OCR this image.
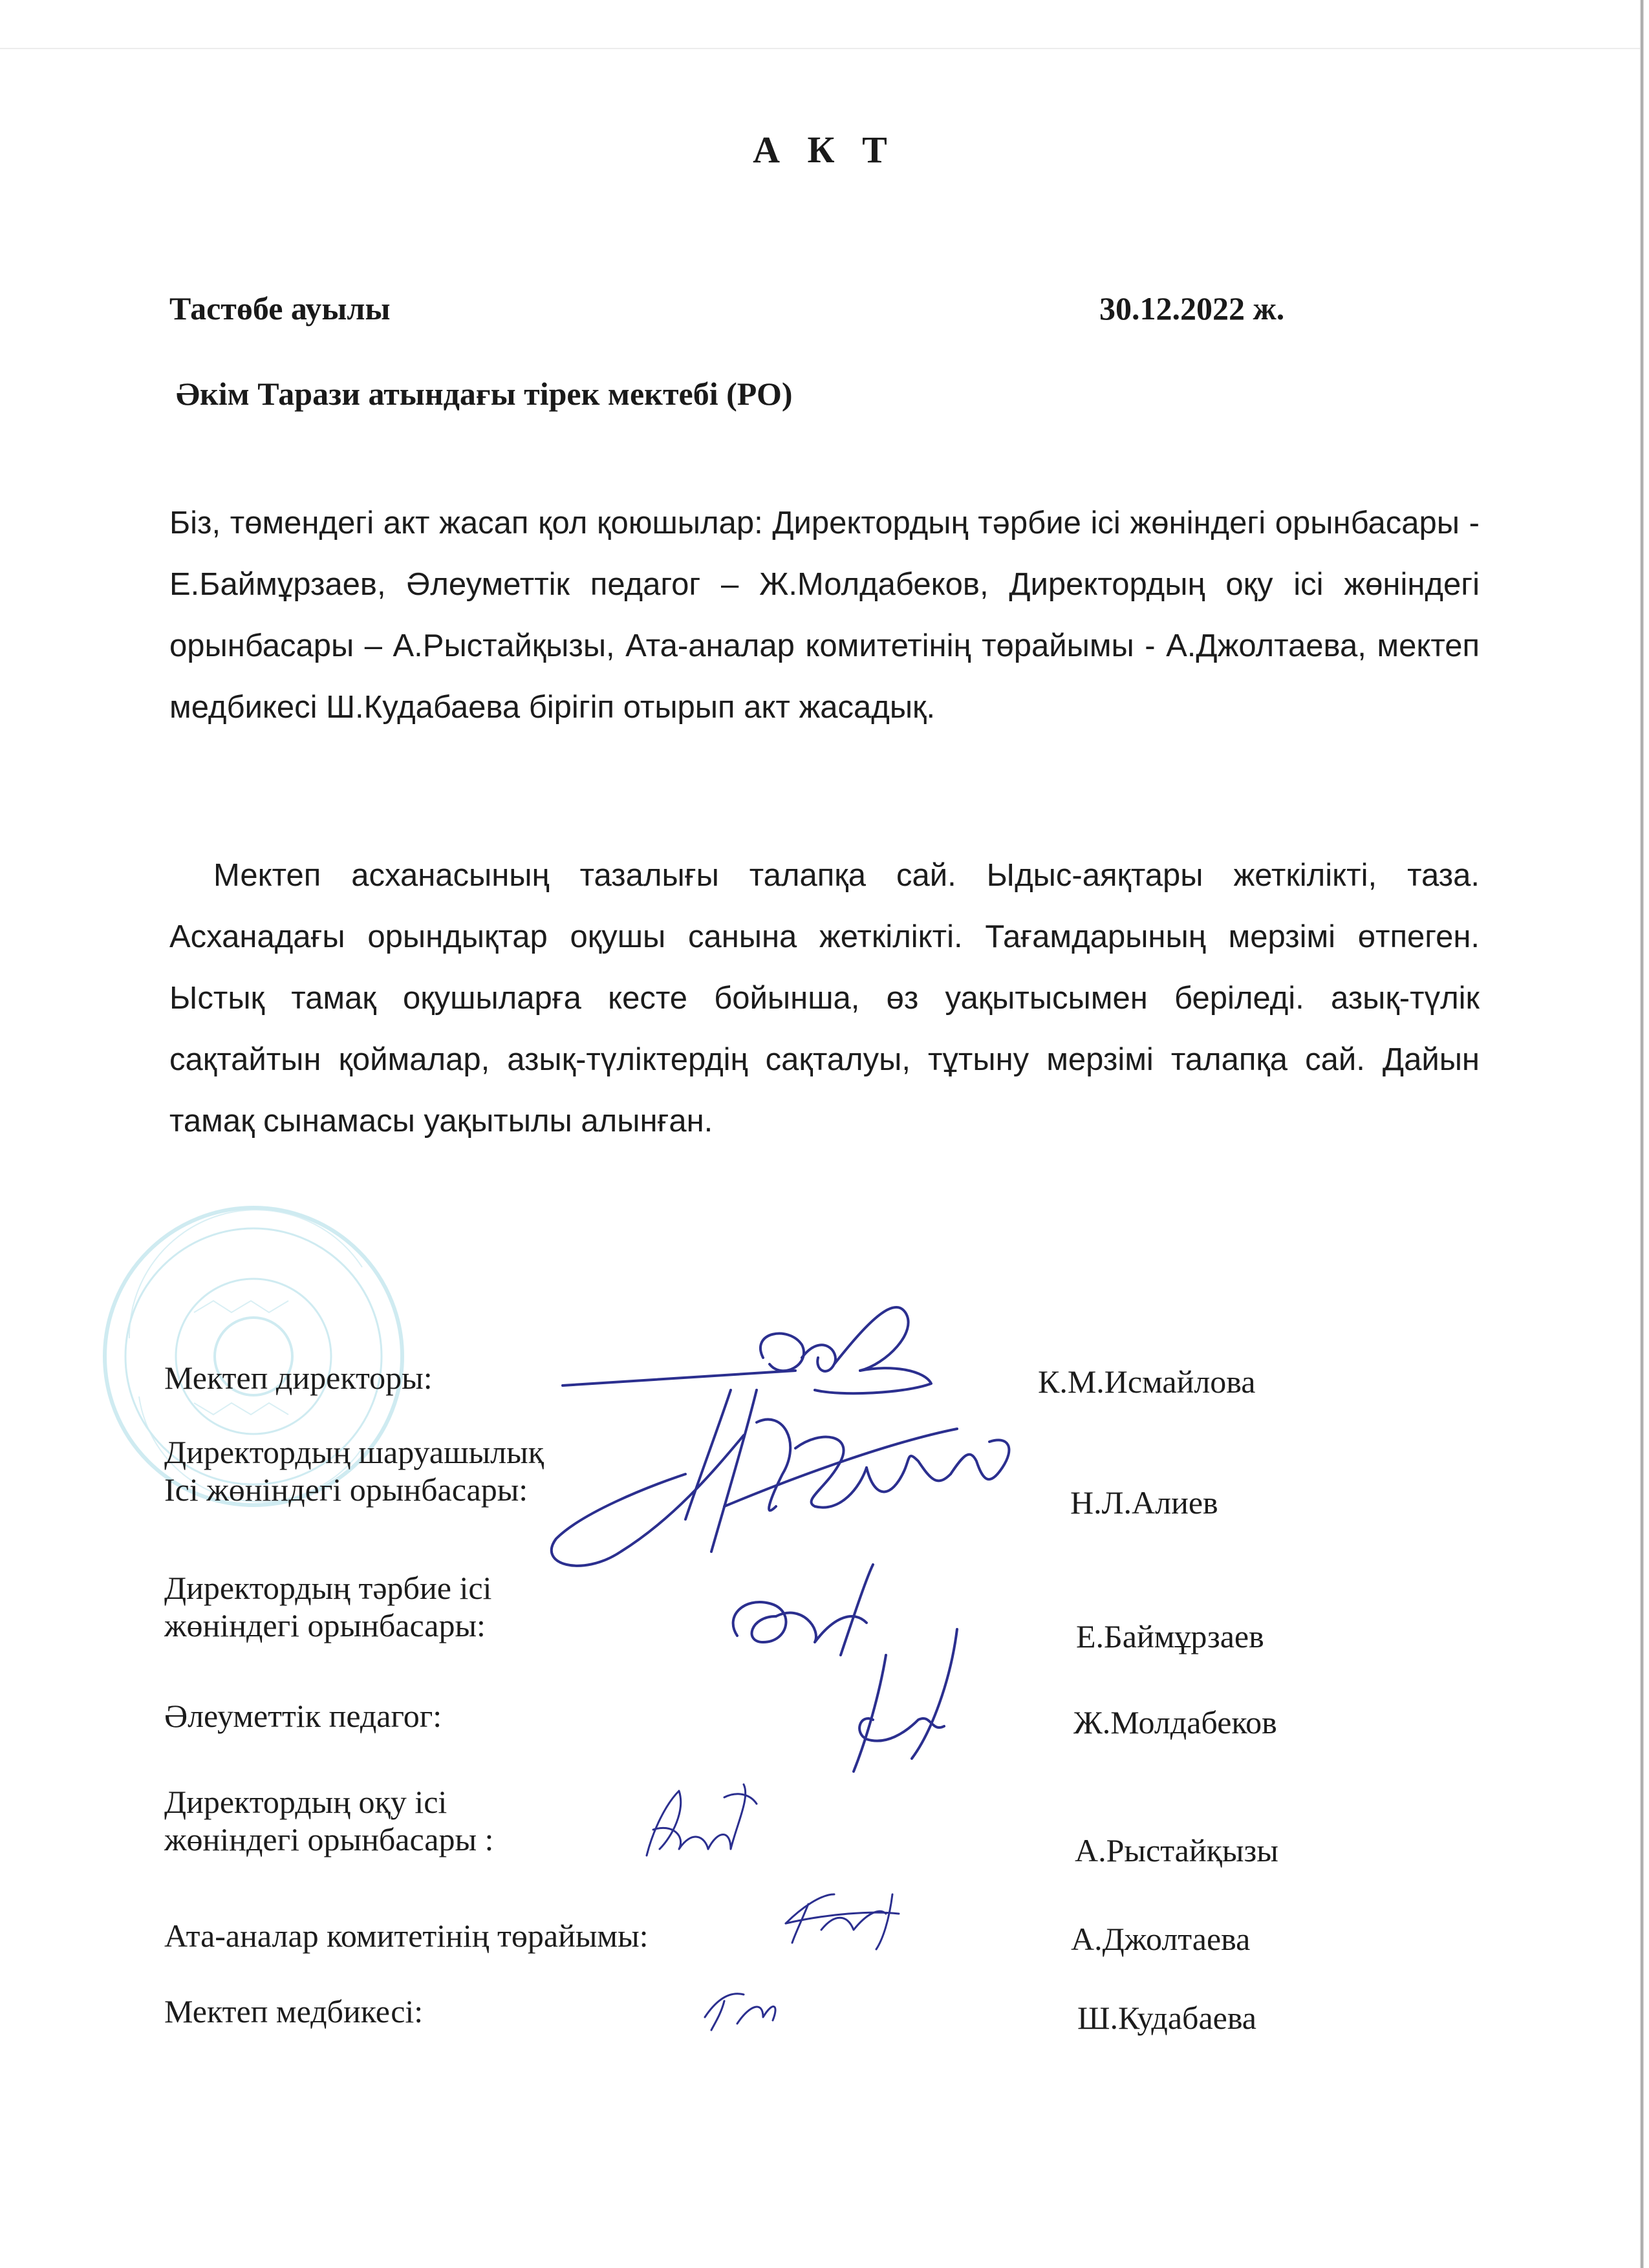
А К Т
Тастөбе ауылы	30.12.2022 ж.
Әкім Тарази атындағы тірек мектебі (РО)
Біз, төмендегі акт жасап қол қоюшылар: Директордың тәрбие ісі жөніндегі орынбасары - Е.Баймұрзаев, Әлеуметтік педагог – Ж.Молдабеков, Директордың оқу ісі жөніндегі орынбасары – А.Рыстайқызы, Ата-аналар комитетінің төрайымы - А.Джолтаева, мектеп медбикесі Ш.Кудабаева бірігіп отырып акт жасадық.
Мектеп асханасының тазалығы талапқа сай. Ыдыс-аяқтары жеткілікті, таза. Асханадағы орындықтар оқушы санына жеткілікті. Тағамдарының мерзімі өтпеген. Ыстық тамақ оқушыларға кесте бойынша, өз уақытысымен беріледі. азық-түлік сақтайтын қоймалар, азық-түліктердің сақталуы, тұтыну мерзімі талапқа сай. Дайын тамақ сынамасы уақытылы алынған.
Мектеп директоры:	К.М.Исмайлова
Директордың шаруашылық
Ісі жөніндегі орынбасары:	Н.Л.Алиев
Директордың тәрбие ісі
жөніндегі орынбасары:	Е.Баймұрзаев
Әлеуметтік педагог:	Ж.Молдабеков
Директордың оқу ісі
жөніндегі орынбасары :	А.Рыстайқызы
Ата-аналар комитетінің төрайымы:	А.Джолтаева
Мектеп медбикесі:	Ш.Кудабаева
